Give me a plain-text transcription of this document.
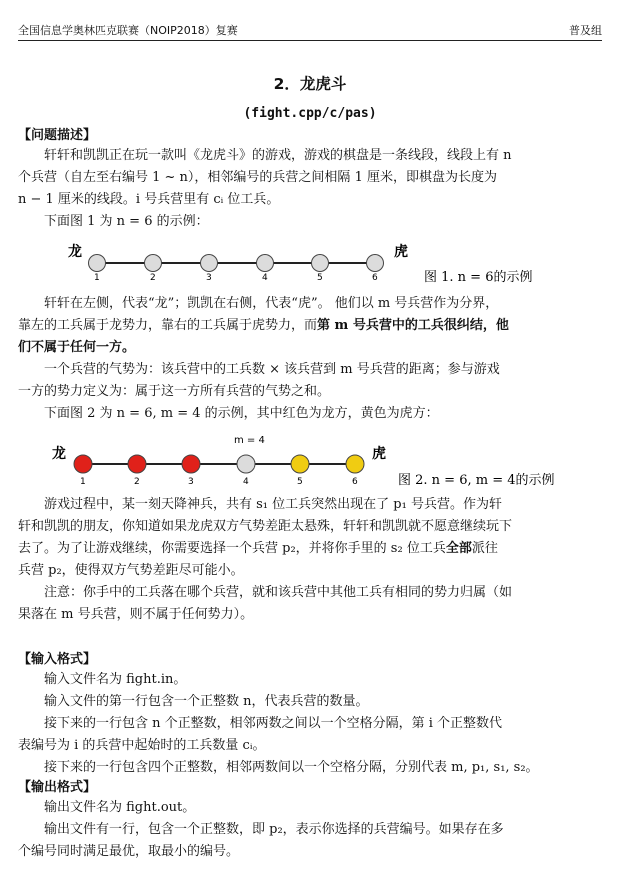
全国信息学奥林匹克联赛（NOIP2018）复赛	普及组
2．龙虎斗
(fight.cpp/c/pas)
【问题描述】
轩轩和凯凯正在玩一款叫《龙虎斗》的游戏，游戏的棋盘是一条线段，线段上有 n
个兵营（自左至右编号 1 ~ n），相邻编号的兵营之间相隔 1 厘米，即棋盘为长度为
n − 1 厘米的线段。i 号兵营里有 cᵢ 位工兵。
下面图 1 为 n = 6 的示例：
1	2	3	4	5	6
龙	虎
图 1. n = 6的示例
轩轩在左侧，代表“龙”；凯凯在右侧，代表“虎”。 他们以 m 号兵营作为分界，
靠左的工兵属于龙势力，靠右的工兵属于虎势力，而第 m 号兵营中的工兵很纠结，他
们不属于任何一方。
一个兵营的气势为：该兵营中的工兵数 × 该兵营到 m 号兵营的距离；参与游戏
一方的势力定义为：属于这一方所有兵营的气势之和。
下面图 2 为 n = 6, m = 4 的示例，其中红色为龙方，黄色为虎方：
1	2	3	4	5	6
m = 4
龙	虎
图 2. n = 6, m = 4的示例
游戏过程中，某一刻天降神兵，共有 s₁ 位工兵突然出现在了 p₁ 号兵营。作为轩
轩和凯凯的朋友，你知道如果龙虎双方气势差距太悬殊，轩轩和凯凯就不愿意继续玩下
去了。为了让游戏继续，你需要选择一个兵营 p₂，并将你手里的 s₂ 位工兵全部派往
兵营 p₂，使得双方气势差距尽可能小。
注意：你手中的工兵落在哪个兵营，就和该兵营中其他工兵有相同的势力归属（如
果落在 m 号兵营，则不属于任何势力）。
【输入格式】
输入文件名为 fight.in。
输入文件的第一行包含一个正整数 n，代表兵营的数量。
接下来的一行包含 n 个正整数，相邻两数之间以一个空格分隔，第 i 个正整数代
表编号为 i 的兵营中起始时的工兵数量 cᵢ。
接下来的一行包含四个正整数，相邻两数间以一个空格分隔，分别代表 m, p₁, s₁, s₂。
【输出格式】
输出文件名为 fight.out。
输出文件有一行，包含一个正整数，即 p₂，表示你选择的兵营编号。如果存在多
个编号同时满足最优，取最小的编号。
